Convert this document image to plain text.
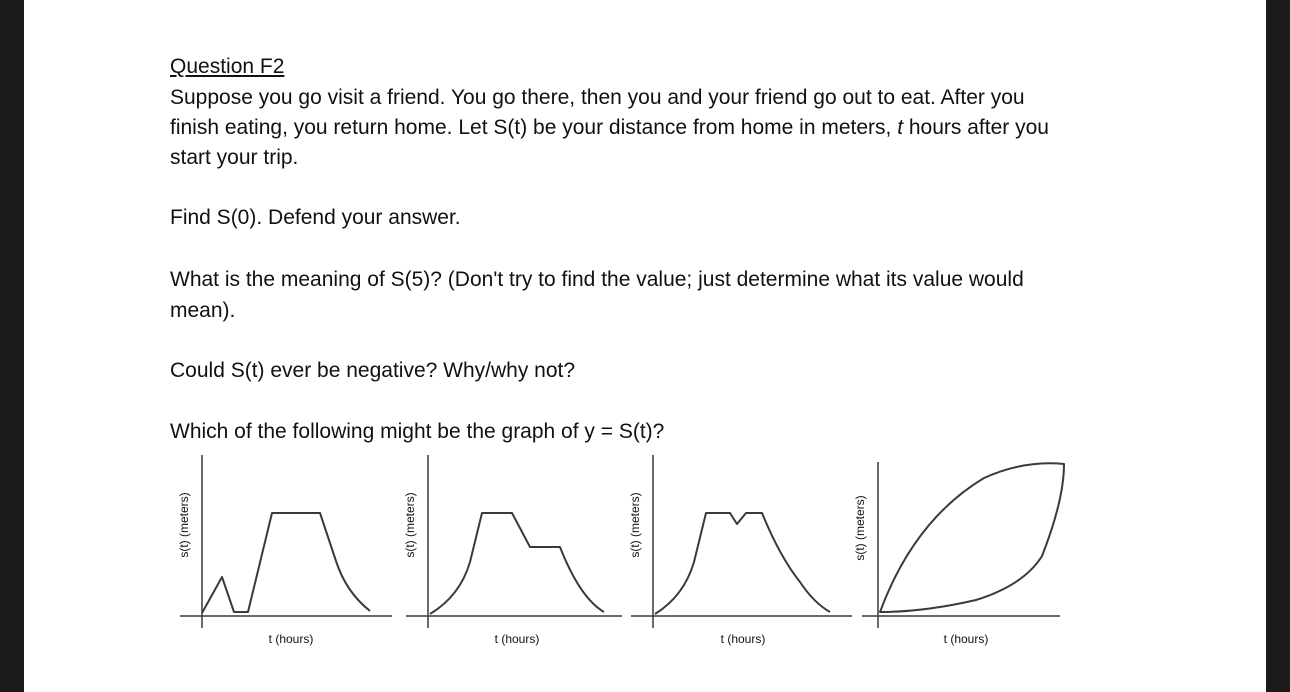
Question F2

Suppose you go visit a friend. You go there, then you and your friend go out to eat. After you

finish eating, you return home. Let S(t) be your distance from home in meters, t hours after you

start your trip.

Find S(0). Defend your answer.

What is the meaning of S(5)? (Don't try to find the value; just determine what its value would

mean).

Could S(t) ever be negative? Why/why not?

Which of the following might be the graph of y = S(t)?

s(t) (meters)
t (hours)
s(t) (meters)
t (hours)
s(t) (meters)
t (hours)
s(t) (meters)
t (hours)
